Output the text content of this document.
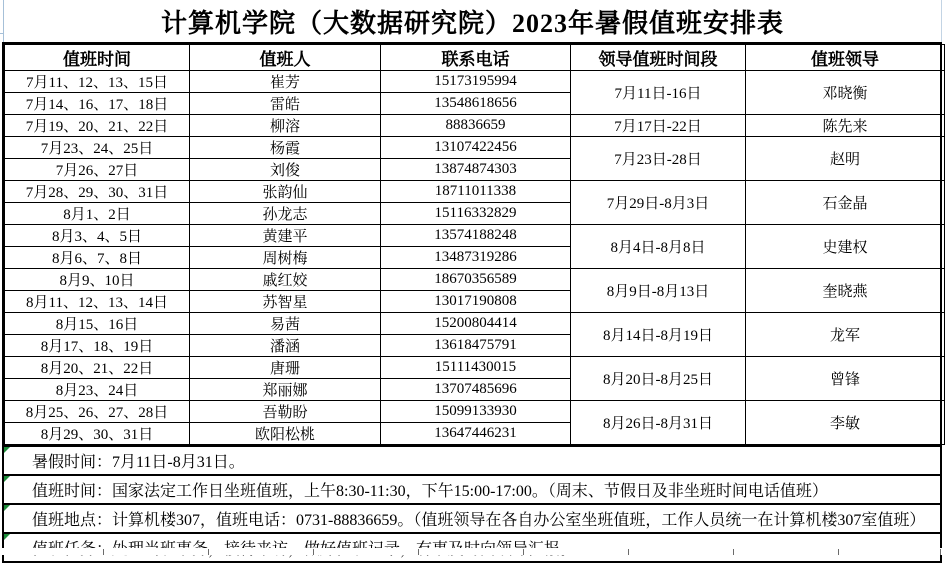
计算机学院（大数据研究院）2023年暑假值班安排表
值班时间	值班人	联系电话	领导值班时间段	值班领导
7月11、12、13、15日	崔芳	15173195994	7月11日-16日	邓晓衡
7月14、16、17、18日	雷皓	13548618656		
7月19、20、21、22日	柳溶	88836659	7月17日-22日	陈先来
7月23、24、25日	杨霞	13107422456	7月23日-28日	赵明
7月26、27日	刘俊	13874874303		
7月28、29、30、31日	张韵仙	18711011338	7月29日-8月3日	石金晶
8月1、2日	孙龙志	15116332829		
8月3、4、5日	黄建平	13574188248	8月4日-8月8日	史建权
8月6、7、8日	周树梅	13487319286		
8月9、10日	戚红姣	18670356589	8月9日-8月13日	奎晓燕
8月11、12、13、14日	苏智星	13017190808		
8月15、16日	易茜	15200804414	8月14日-8月19日	龙军
8月17、18、19日	潘涵	13618475791		
8月20、21、22日	唐珊	15111430015	8月20日-8月25日	曾锋
8月23、24日	郑丽娜	13707485696		
8月25、26、27、28日	吾勒盼	15099133930	8月26日-8月31日	李敏
8月29、30、31日	欧阳松桃	13647446231		
暑假时间：7月11日-8月31日。
值班时间：国家法定工作日坐班值班，上午8:30-11:30，下午15:00-17:00。（周末、节假日及非坐班时间电话值班）
值班地点：计算机楼307，值班电话：0731-88836659。（值班领导在各自办公室坐班值班，工作人员统一在计算机楼307室值班）
